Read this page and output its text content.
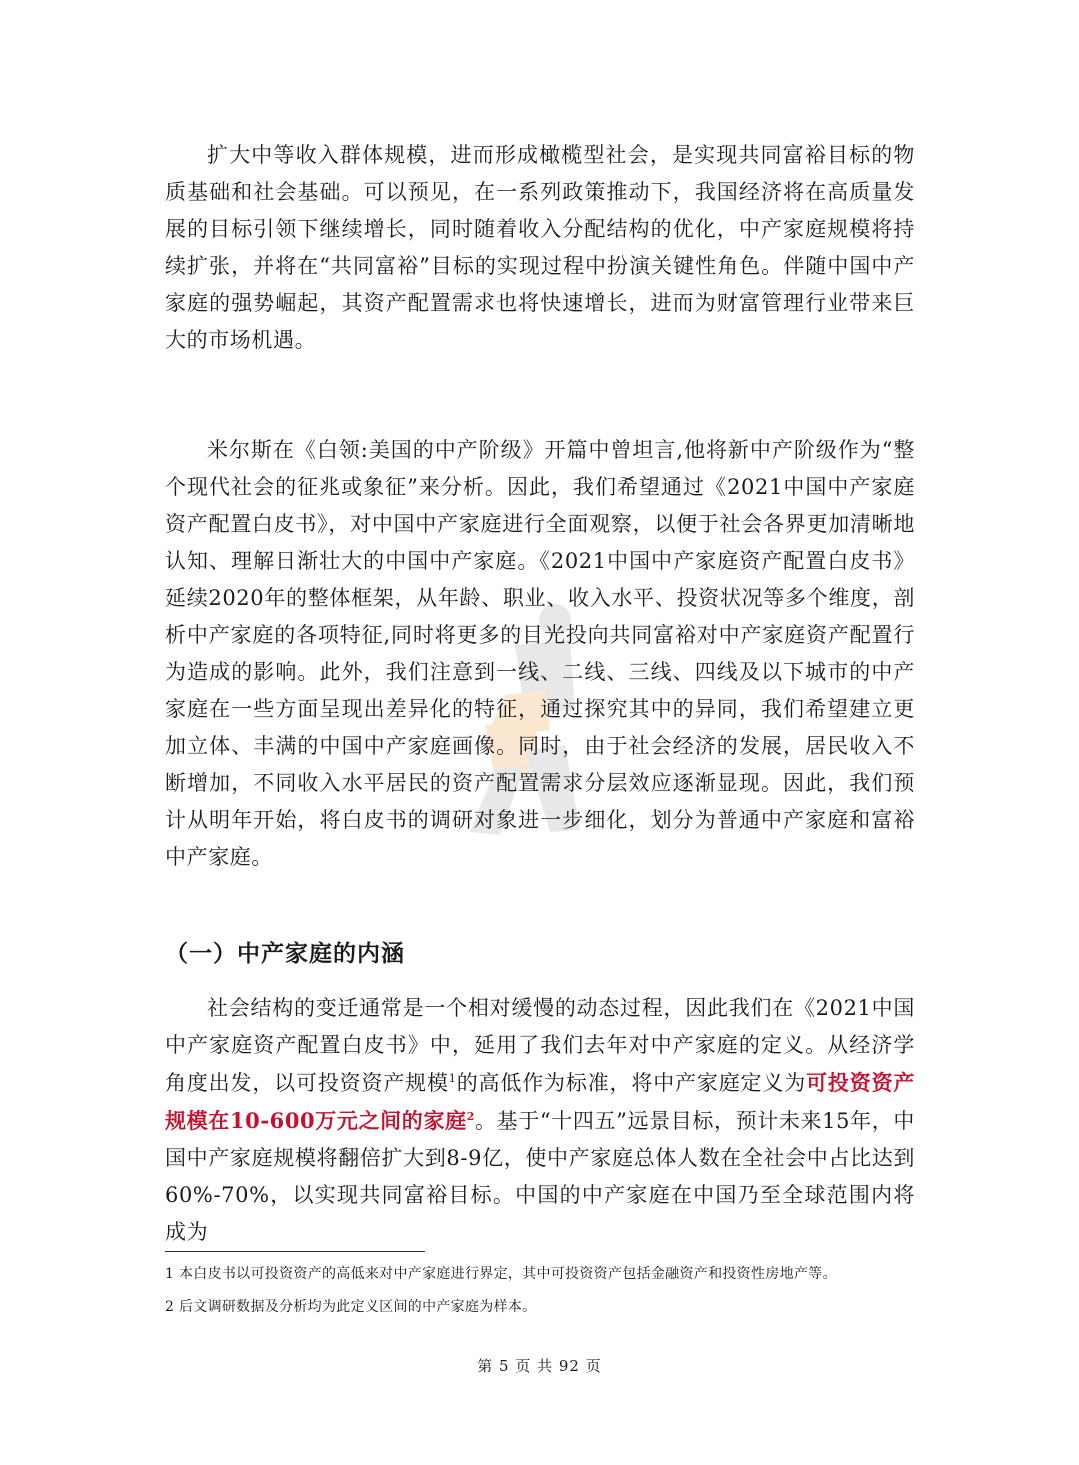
扩大中等收入群体规模，进而形成橄榄型社会，是实现共同富裕目标的物质基础和社会基础。可以预见，在一系列政策推动下，我国经济将在高质量发展的目标引领下继续增长，同时随着收入分配结构的优化，中产家庭规模将持续扩张，并将在“共同富裕”目标的实现过程中扮演关键性角色。伴随中国中产家庭的强势崛起，其资产配置需求也将快速增长，进而为财富管理行业带来巨大的市场机遇。

米尔斯在《白领:美国的中产阶级》开篇中曾坦言,他将新中产阶级作为“整个现代社会的征兆或象征”来分析。因此，我们希望通过《2021中国中产家庭资产配置白皮书》，对中国中产家庭进行全面观察，以便于社会各界更加清晰地认知、理解日渐壮大的中国中产家庭。《2021中国中产家庭资产配置白皮书》延续2020年的整体框架，从年龄、职业、收入水平、投资状况等多个维度，剖析中产家庭的各项特征,同时将更多的目光投向共同富裕对中产家庭资产配置行为造成的影响。此外，我们注意到一线、二线、三线、四线及以下城市的中产家庭在一些方面呈现出差异化的特征，通过探究其中的异同，我们希望建立更加立体、丰满的中国中产家庭画像。同时，由于社会经济的发展，居民收入不断增加，不同收入水平居民的资产配置需求分层效应逐渐显现。因此，我们预计从明年开始，将白皮书的调研对象进一步细化，划分为普通中产家庭和富裕中产家庭。

（一）中产家庭的内涵

社会结构的变迁通常是一个相对缓慢的动态过程，因此我们在《2021中国中产家庭资产配置白皮书》中，延用了我们去年对中产家庭的定义。从经济学角度出发，以可投资资产规模$^1$的高低作为标准，将中产家庭定义为可投资资产规模在10-600万元之间的家庭$^2$。基于“十四五”远景目标，预计未来15年，中国中产家庭规模将翻倍扩大到8-9亿，使中产家庭总体人数在全社会中占比达到60%-70%，以实现共同富裕目标。中国的中产家庭在中国乃至全球范围内将成为

1 本白皮书以可投资资产的高低来对中产家庭进行界定，其中可投资资产包括金融资产和投资性房地产等。

2 后文调研数据及分析均为此定义区间的中产家庭为样本。

第 5 页 共 92 页
